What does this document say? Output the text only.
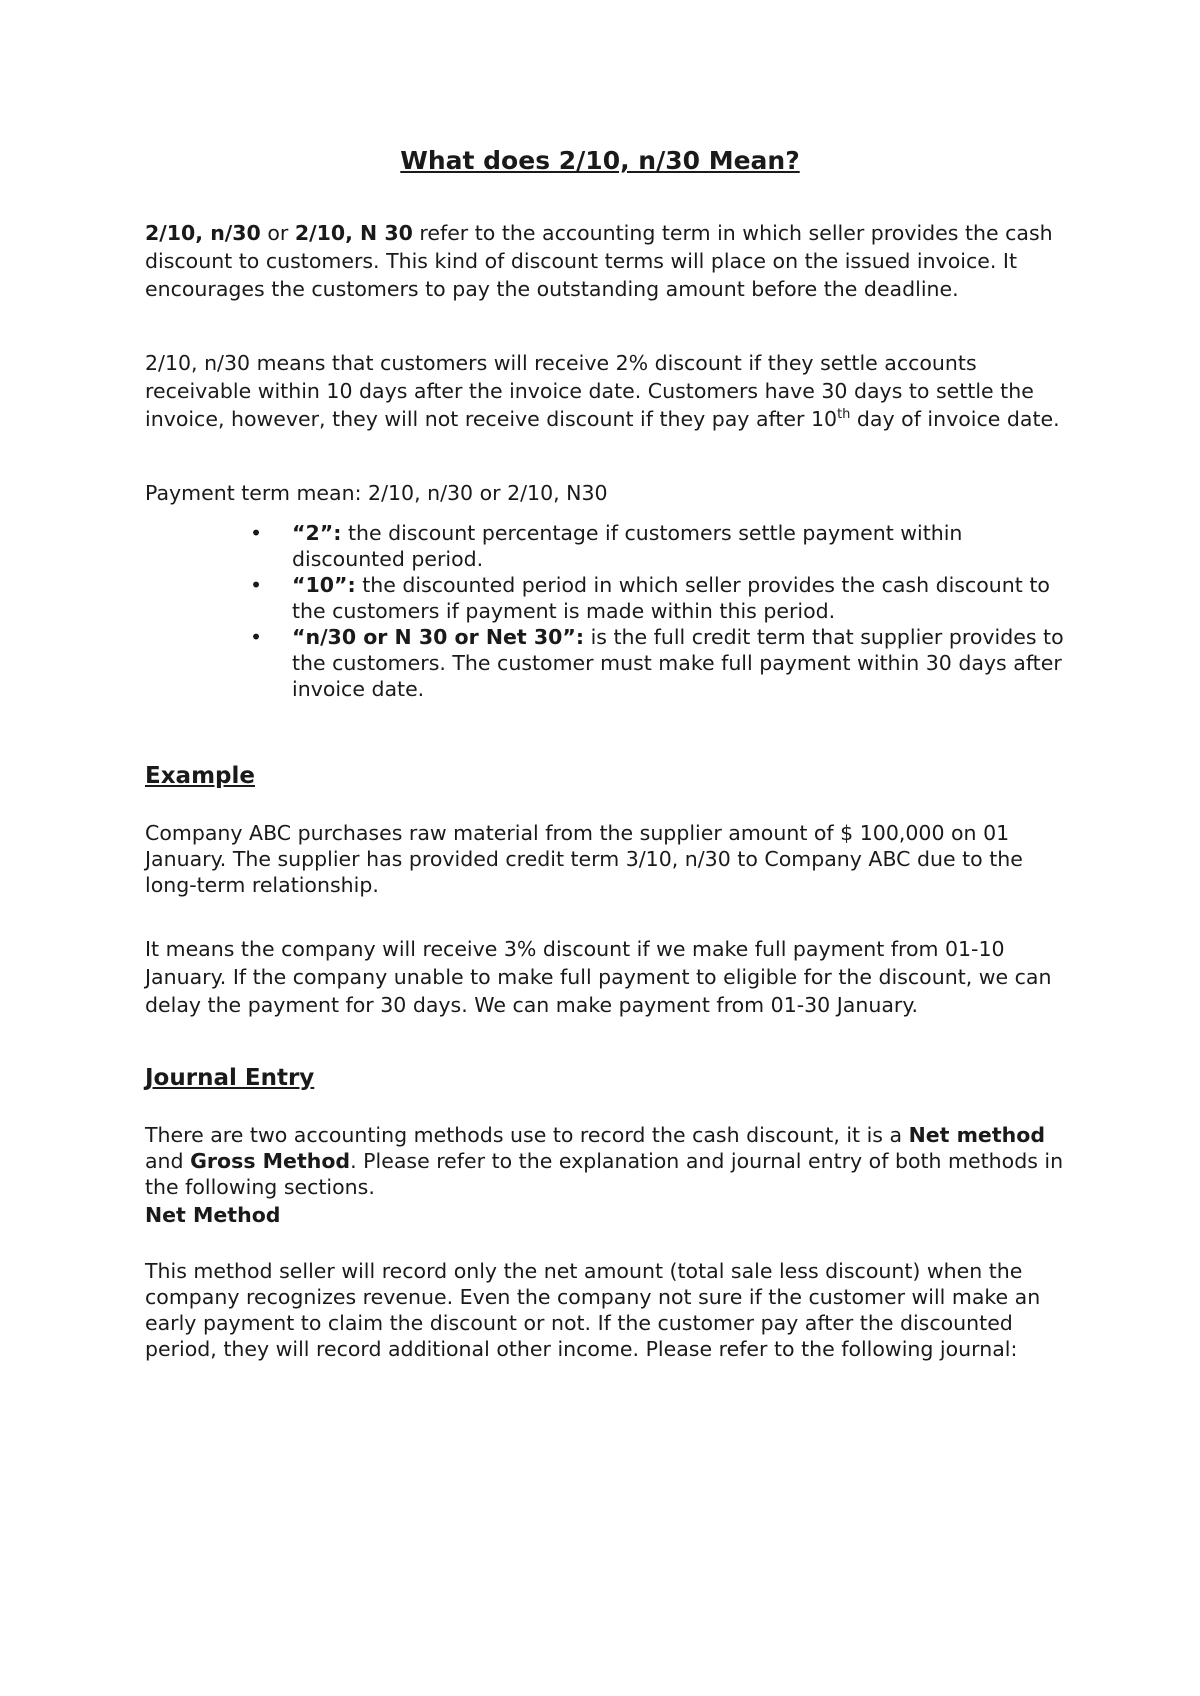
What does 2/10, n/30 Mean?
2/10, n/30 or 2/10, N 30 refer to the accounting term in which seller provides the cash discount to customers. This kind of discount terms will place on the issued invoice. It encourages the customers to pay the outstanding amount before the deadline.
2/10, n/30 means that customers will receive 2% discount if they settle accounts receivable within 10 days after the invoice date. Customers have 30 days to settle the invoice, however, they will not receive discount if they pay after 10th day of invoice date.
Payment term mean: 2/10, n/30 or 2/10, N30
• “2”: the discount percentage if customers settle payment within discounted period.
• “10”: the discounted period in which seller provides the cash discount to the customers if payment is made within this period.
• “n/30 or N 30 or Net 30”: is the full credit term that supplier provides to the customers. The customer must make full payment within 30 days after invoice date.
Example
Company ABC purchases raw material from the supplier amount of $ 100,000 on 01 January. The supplier has provided credit term 3/10, n/30 to Company ABC due to the long-term relationship.
It means the company will receive 3% discount if we make full payment from 01-10 January. If the company unable to make full payment to eligible for the discount, we can delay the payment for 30 days. We can make payment from 01-30 January.
Journal Entry
There are two accounting methods use to record the cash discount, it is a Net method and Gross Method. Please refer to the explanation and journal entry of both methods in the following sections.
Net Method
This method seller will record only the net amount (total sale less discount) when the company recognizes revenue. Even the company not sure if the customer will make an early payment to claim the discount or not. If the customer pay after the discounted period, they will record additional other income. Please refer to the following journal:
